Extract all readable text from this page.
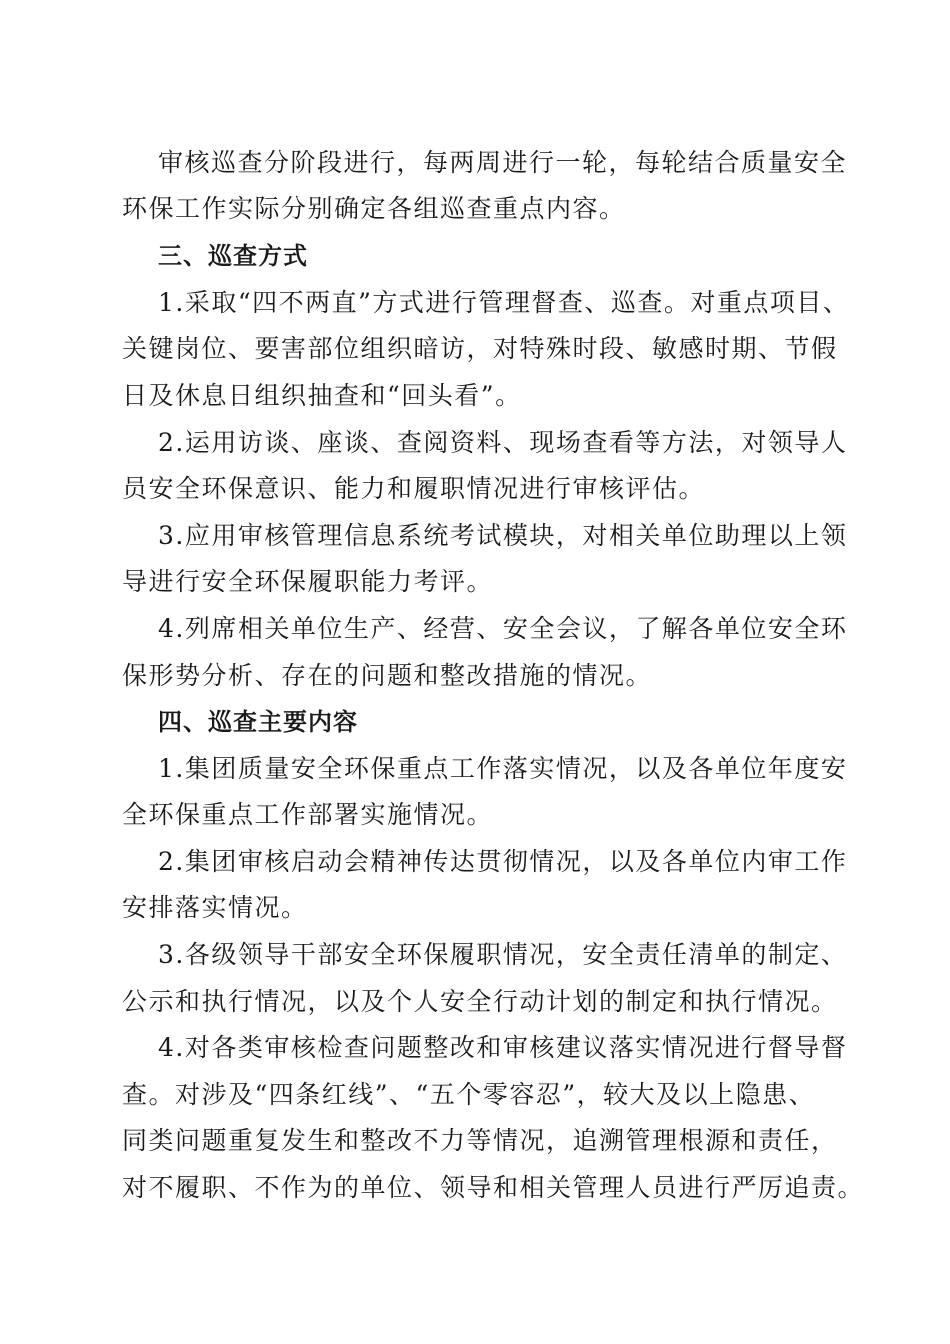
审核巡查分阶段进行，每两周进行一轮，每轮结合质量安全
环保工作实际分别确定各组巡查重点内容。
三、巡查方式
1.采取“四不两直”方式进行管理督查、巡查。对重点项目、
关键岗位、要害部位组织暗访，对特殊时段、敏感时期、节假
日及休息日组织抽查和“回头看”。
2.运用访谈、座谈、查阅资料、现场查看等方法，对领导人
员安全环保意识、能力和履职情况进行审核评估。
3.应用审核管理信息系统考试模块，对相关单位助理以上领
导进行安全环保履职能力考评。
4.列席相关单位生产、经营、安全会议，了解各单位安全环
保形势分析、存在的问题和整改措施的情况。
四、巡查主要内容
1.集团质量安全环保重点工作落实情况，以及各单位年度安
全环保重点工作部署实施情况。
2.集团审核启动会精神传达贯彻情况，以及各单位内审工作
安排落实情况。
3.各级领导干部安全环保履职情况，安全责任清单的制定、
公示和执行情况，以及个人安全行动计划的制定和执行情况。
4.对各类审核检查问题整改和审核建议落实情况进行督导督
查。对涉及“四条红线”、“五个零容忍”，较大及以上隐患、
同类问题重复发生和整改不力等情况，追溯管理根源和责任，
对不履职、不作为的单位、领导和相关管理人员进行严厉追责。
